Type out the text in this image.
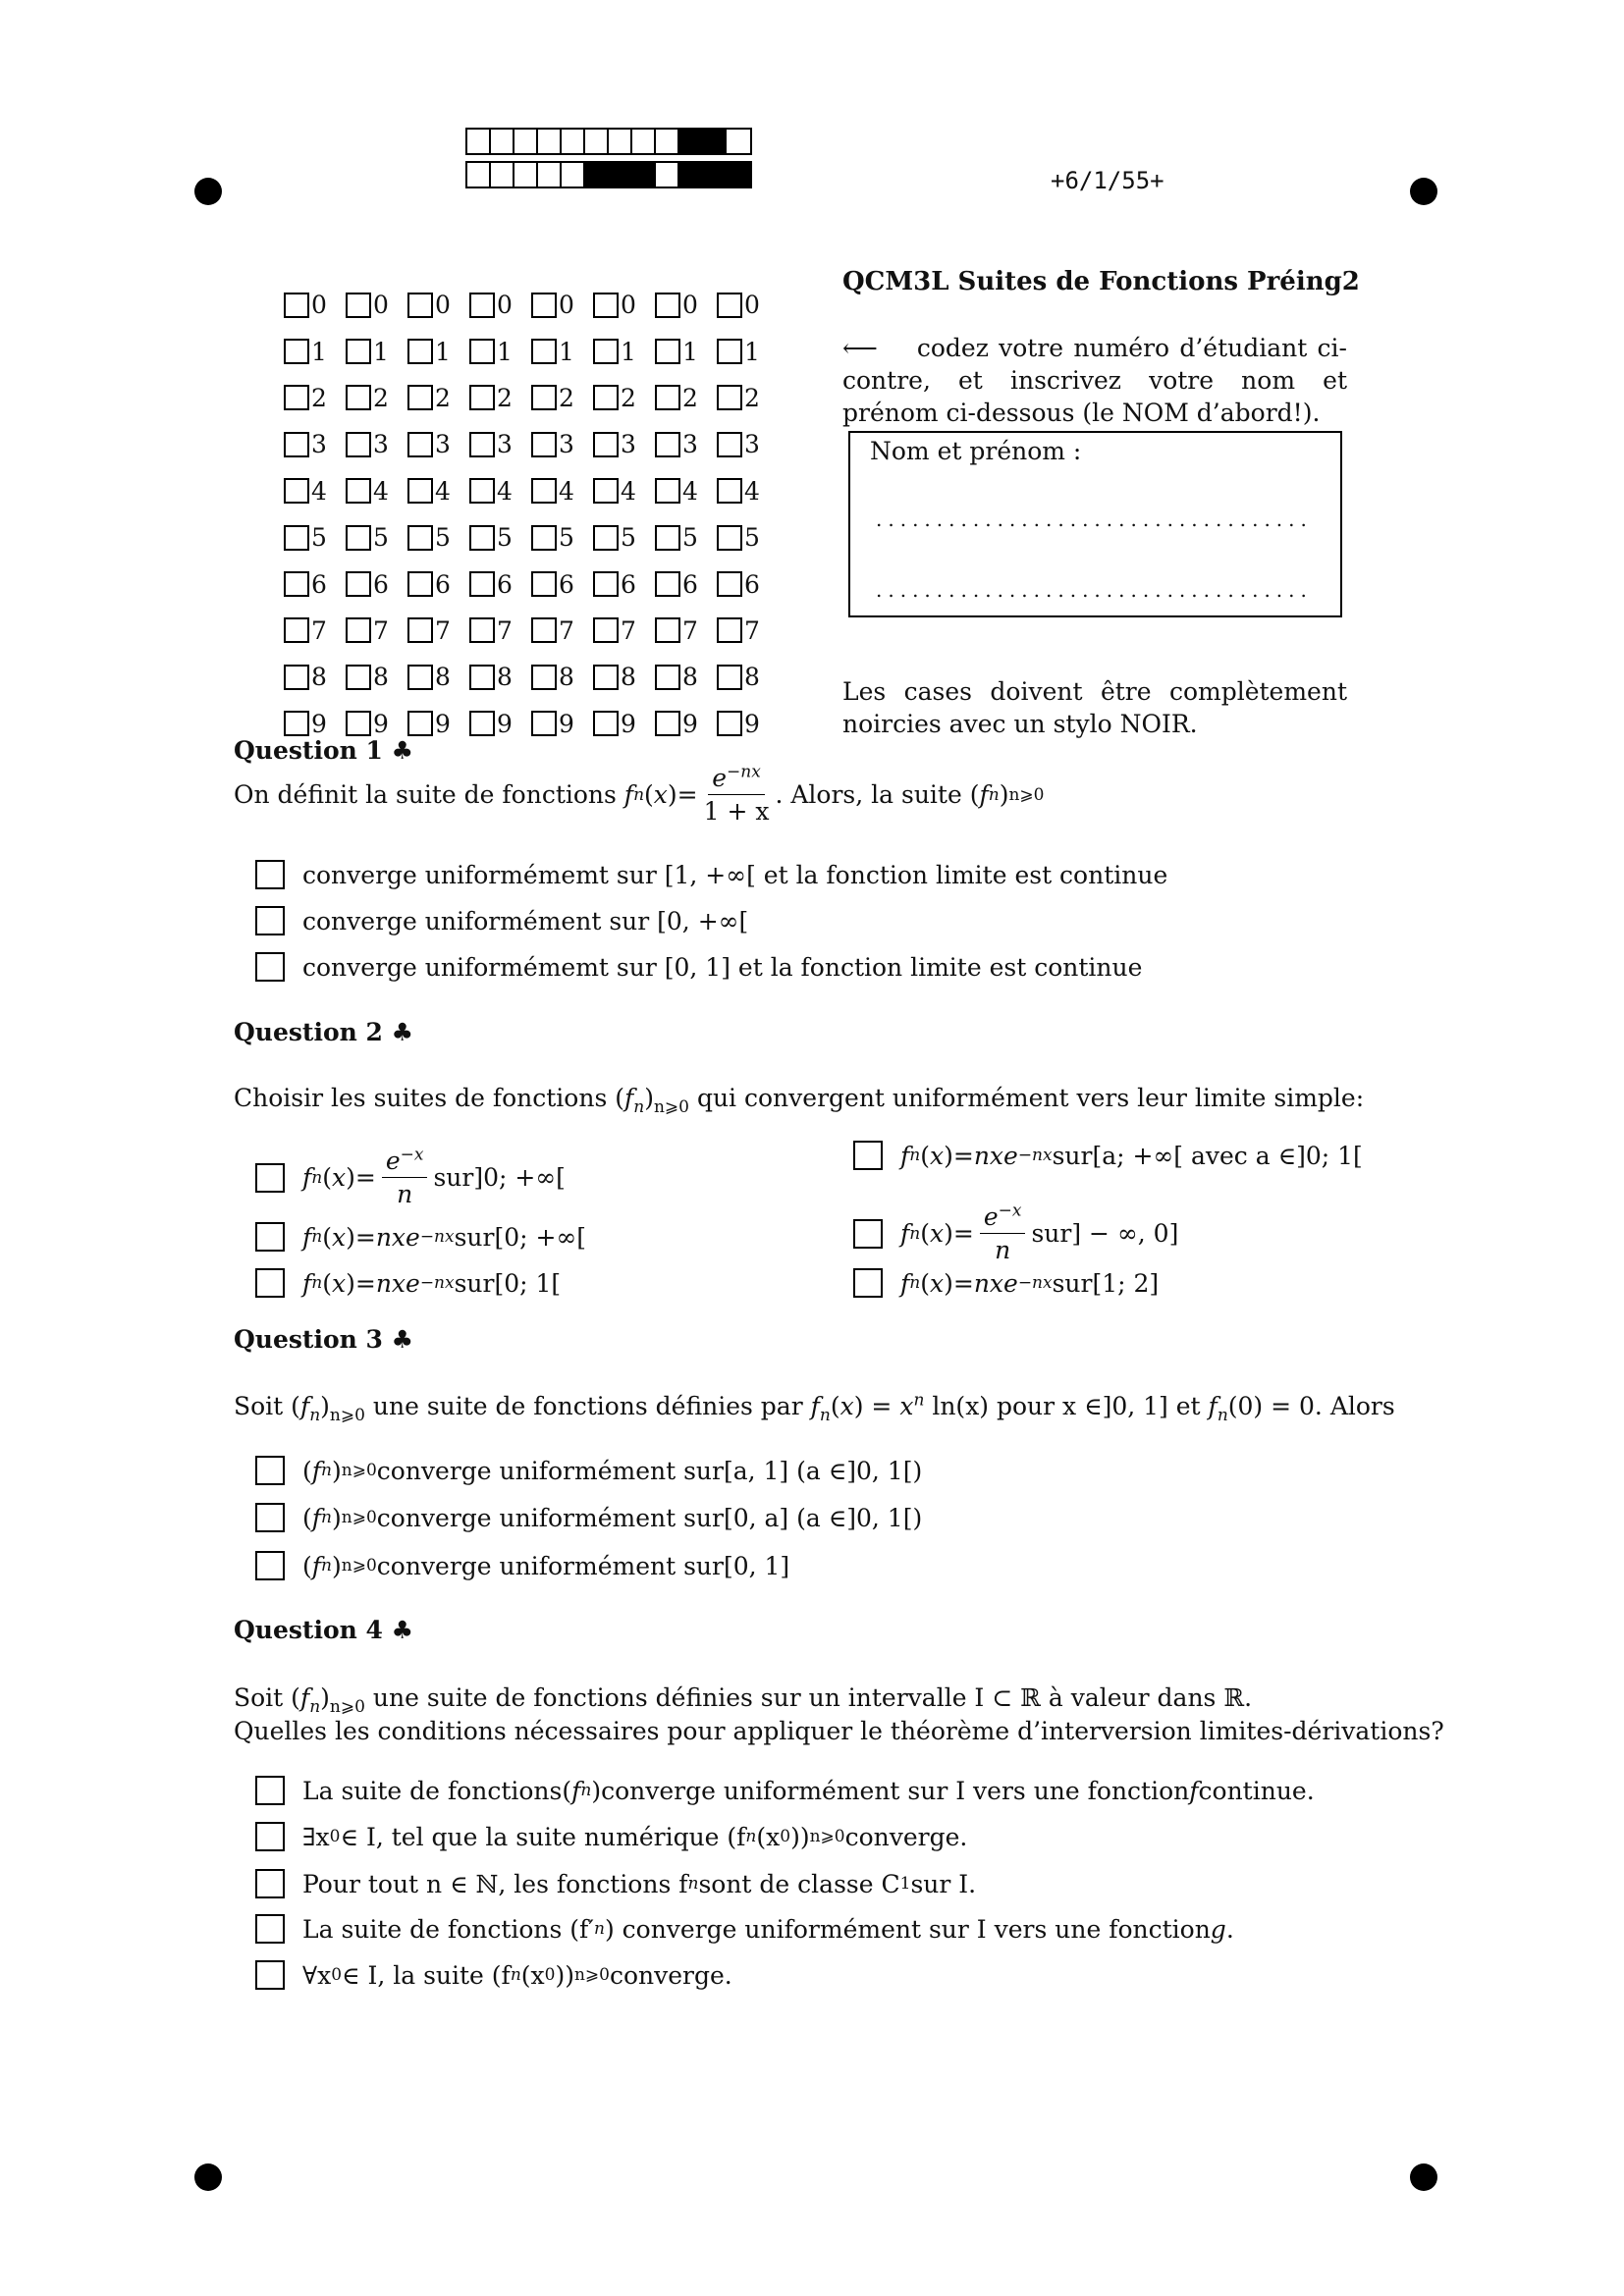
+6/1/55+
0 0 0 0 0 0 0 0
1 1 1 1 1 1 1 1
2 2 2 2 2 2 2 2
3 3 3 3 3 3 3 3
4 4 4 4 4 4 4 4
5 5 5 5 5 5 5 5
6 6 6 6 6 6 6 6
7 7 7 7 7 7 7 7
8 8 8 8 8 8 8 8
9 9 9 9 9 9 9 9
QCM3L Suites de Fonctions Préing2
⟵ codez votre numéro d’étudiant ci-contre, et inscrivez votre nom et prénom ci-dessous (le NOM d’abord!).
Nom et prénom :
....................................
....................................
Les cases doivent être complètement noircies avec un stylo NOIR.
Question 1 ♣
On définit la suite de fonctions
f n ( x ) = $\frac{e^{-nx}}{1 + x}$ . Alors, la suite ( f n ) n⩾0
converge uniformémemt sur [1, +∞[ et la fonction limite est continue
converge uniformément sur [0, +∞[
converge uniformémemt sur [0, 1] et la fonction limite est continue
Question 2 ♣
Choisir les suites de fonctions $(f_n)_{n⩾0}$ qui convergent uniformément vers leur limite simple:
f n ( x ) = $\frac{e^{-x}}{n}$ sur ]0; +∞[
f n ( x ) = nx e −nx sur [0; +∞[
f n ( x ) = nx e −nx sur [0; 1[
f n ( x ) = nx e −nx sur [a; +∞[ avec a ∈]0; 1[
f n ( x ) = $\frac{e^{-x}}{n}$ sur ] − ∞, 0]
f n ( x ) = nx e −nx sur [1; 2]
Question 3 ♣
Soit $(f_n)_{n⩾0}$ une suite de fonctions définies par $f_n(x) = x^n$ ln(x) pour x ∈]0, 1] et $f_n(0) = 0$. Alors
( f n ) n⩾0 converge uniformément sur [a, 1] (a ∈]0, 1[)
( f n ) n⩾0 converge uniformément sur [0, a] (a ∈]0, 1[)
( f n ) n⩾0 converge uniformément sur [0, 1]
Question 4 ♣
Soit $(f_n)_{n⩾0}$ une suite de fonctions définies sur un intervalle I ⊂ ℝ à valeur dans ℝ.
Quelles les conditions nécessaires pour appliquer le théorème d’interversion limites-dérivations?
La suite de fonctions ( f n ) converge uniformément sur I vers une fonction f continue.
∃x 0 ∈ I, tel que la suite numérique (f n (x 0 )) n⩾0 converge.
Pour tout n ∈ ℕ, les fonctions f n sont de classe C 1 sur I.
La suite de fonctions (f′ n ) converge uniformément sur I vers une fonction g .
∀x 0 ∈ I, la suite (f n (x 0 )) n⩾0 converge.
